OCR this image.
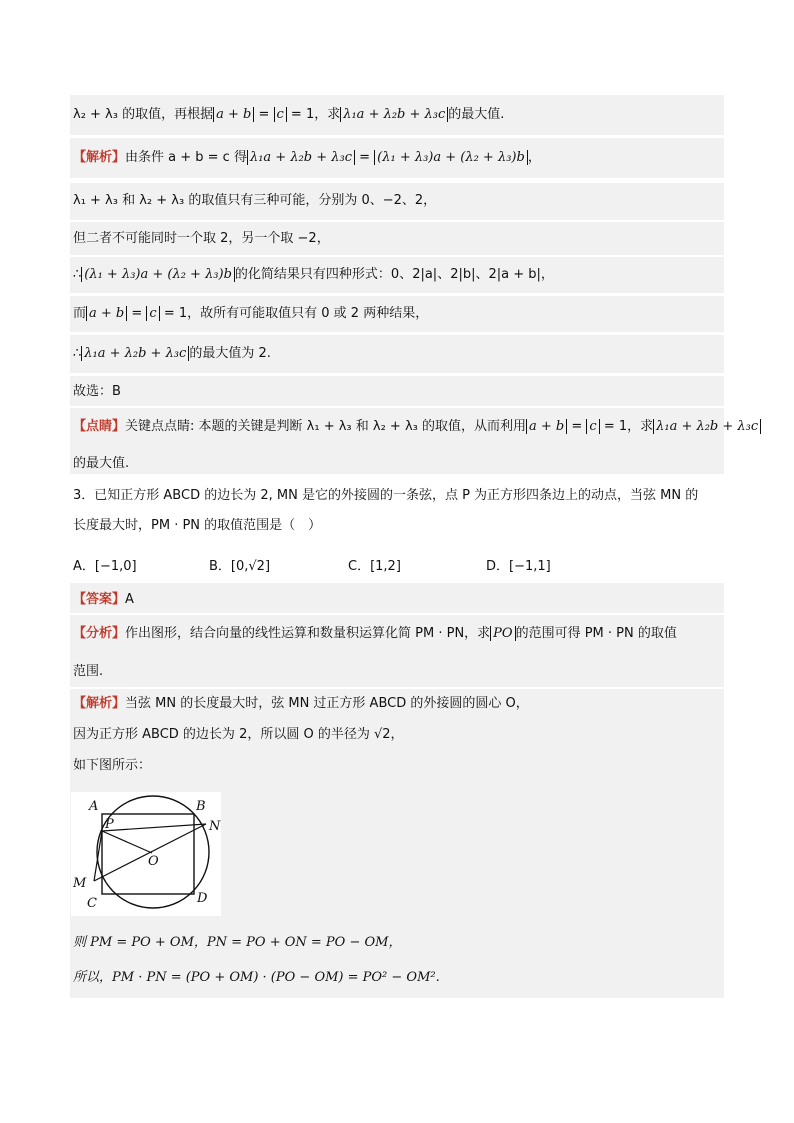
λ₂ + λ₃ 的取值，再根据 a + b = c = 1，求 λ₁a + λ₂b + λ₃c 的最大值.
【解析】由条件 a + b = c 得 λ₁a + λ₂b + λ₃c = (λ₁ + λ₃)a + (λ₂ + λ₃)b ，
λ₁ + λ₃ 和 λ₂ + λ₃ 的取值只有三种可能，分别为 0、−2、2，
但二者不可能同时一个取 2，另一个取 −2，
∴ (λ₁ + λ₃)a + (λ₂ + λ₃)b 的化简结果只有四种形式：0、2|a|、2|b|、2|a + b|，
而 a + b = c = 1，故所有可能取值只有 0 或 2 两种结果，
∴ λ₁a + λ₂b + λ₃c 的最大值为 2.
故选：B
【点睛】关键点点睛: 本题的关键是判断 λ₁ + λ₃ 和 λ₂ + λ₃ 的取值，从而利用 a + b = c = 1，求 λ₁a + λ₂b + λ₃c
的最大值.
3．已知正方形 ABCD 的边长为 2, MN 是它的外接圆的一条弦，点 P 为正方形四条边上的动点，当弦 MN 的
长度最大时，PM · PN 的取值范围是（　）
A．[−1,0]	B．[0,√2]	C．[1,2]	D．[−1,1]
【答案】A
【分析】作出图形，结合向量的线性运算和数量积运算化简 PM · PN，求 PO 的范围可得 PM · PN 的取值
范围.
【解析】当弦 MN 的长度最大时，弦 MN 过正方形 ABCD 的外接圆的圆心 O，
因为正方形 ABCD 的边长为 2，所以圆 O 的半径为 √2，
如下图所示：
A	B
C	D
P	N
O
M
则 PM = PO + OM，PN = PO + ON = PO − OM，
所以，PM · PN = (PO + OM) · (PO − OM) = PO² − OM².
